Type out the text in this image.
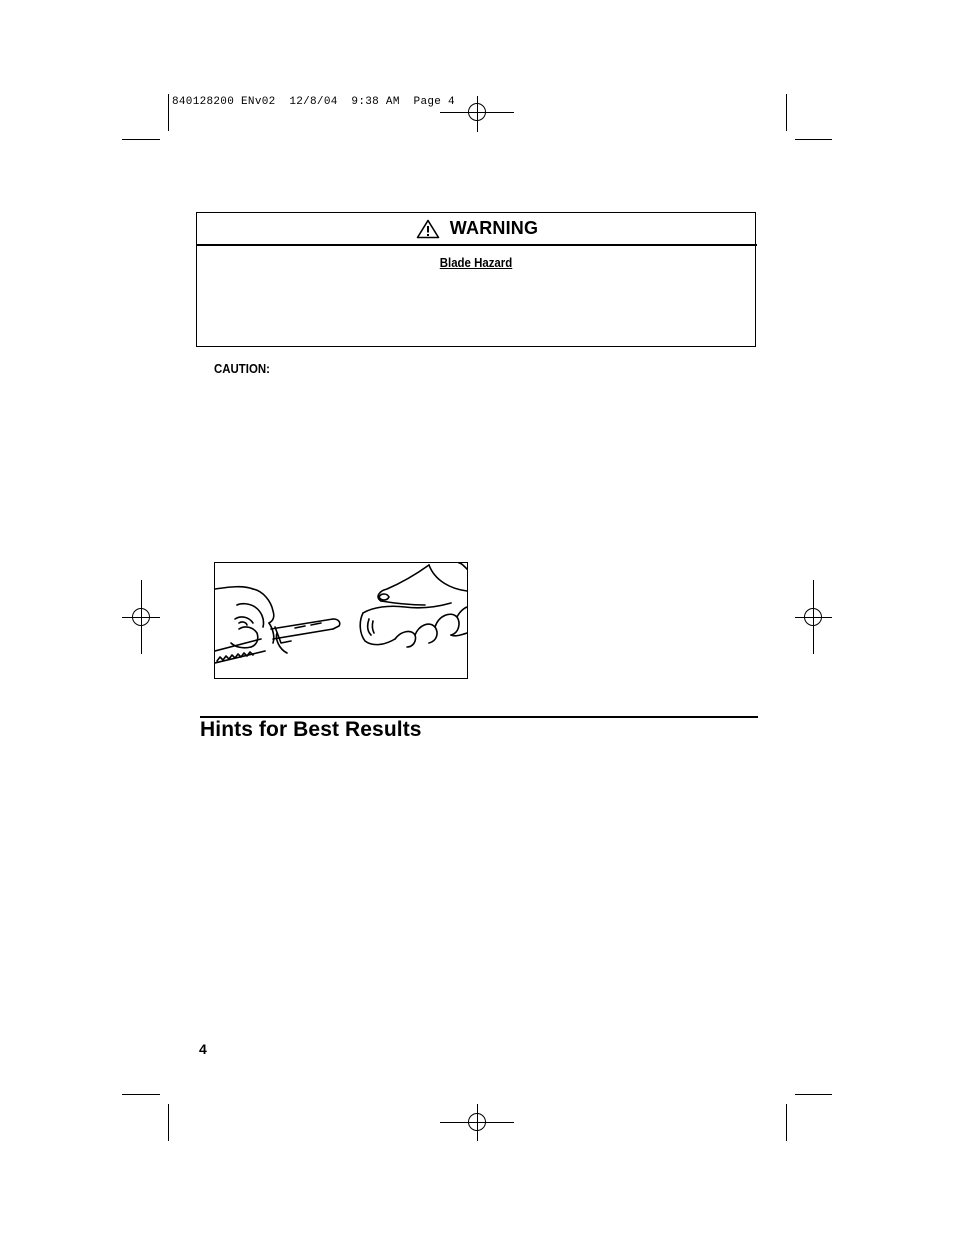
840128200 ENv02  12/8/04  9:38 AM  Page 4
WARNING
Blade Hazard
CAUTION:
Hints for Best Results
4
